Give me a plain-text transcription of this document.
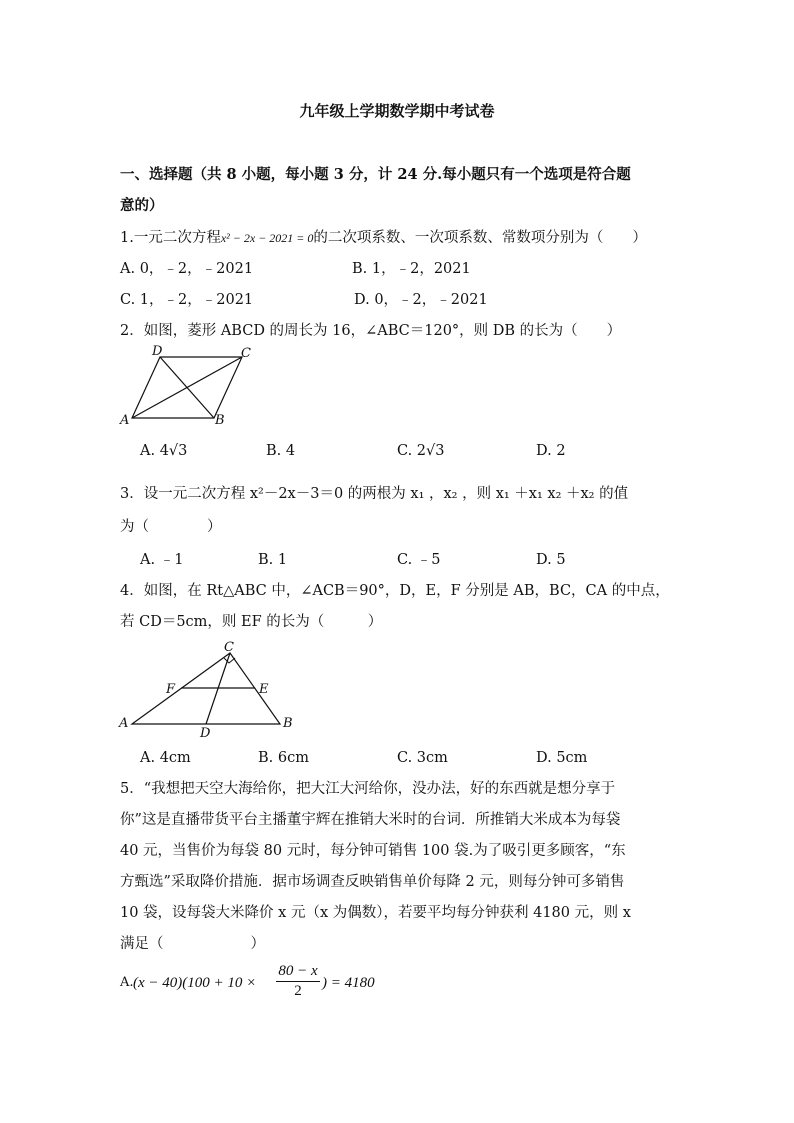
九年级上学期数学期中考试卷
一、选择题（共 8 小题，每小题 3 分，计 24 分.每小题只有一个选项是符合题
意的）
1.一元二次方程x² − 2x − 2021 = 0的二次项系数、一次项系数、常数项分别为（　　）
A. 0，﹣2，﹣2021	B. 1，﹣2，2021
C. 1，﹣2，﹣2021	D. 0，﹣2，﹣2021
2．如图，菱形 ABCD 的周长为 16，∠ABC＝120°，则 DB 的长为（　　）
D	C
A	B
A. 4√3	B. 4	C. 2√3	D. 2
3．设一元二次方程 x²－2x－3＝0 的两根为 x₁ ，x₂ ，则 x₁ ＋x₁ x₂ ＋x₂ 的值
为（　　　　）
A. ﹣1	B. 1	C. ﹣5	D. 5
4．如图，在 Rt△ABC 中，∠ACB＝90°，D，E，F 分别是 AB，BC，CA 的中点，
若 CD＝5cm，则 EF 的长为（　　　）
C
F	E
A	B
D
A. 4cm	B. 6cm	C. 3cm	D. 5cm
5．“我想把天空大海给你，把大江大河给你，没办法，好的东西就是想分享于
你”这是直播带货平台主播董宇辉在推销大米时的台词．所推销大米成本为每袋
40 元，当售价为每袋 80 元时，每分钟可销售 100 袋.为了吸引更多顾客，“东
方甄选”采取降价措施．据市场调查反映销售单价每降 2 元，则每分钟可多销售
10 袋，设每袋大米降价 x 元（x 为偶数），若要平均每分钟获利 4180 元，则 x
满足（　　　　　　）
A. (x − 40)(100 + 10 ×
80 − x
2	) = 4180
